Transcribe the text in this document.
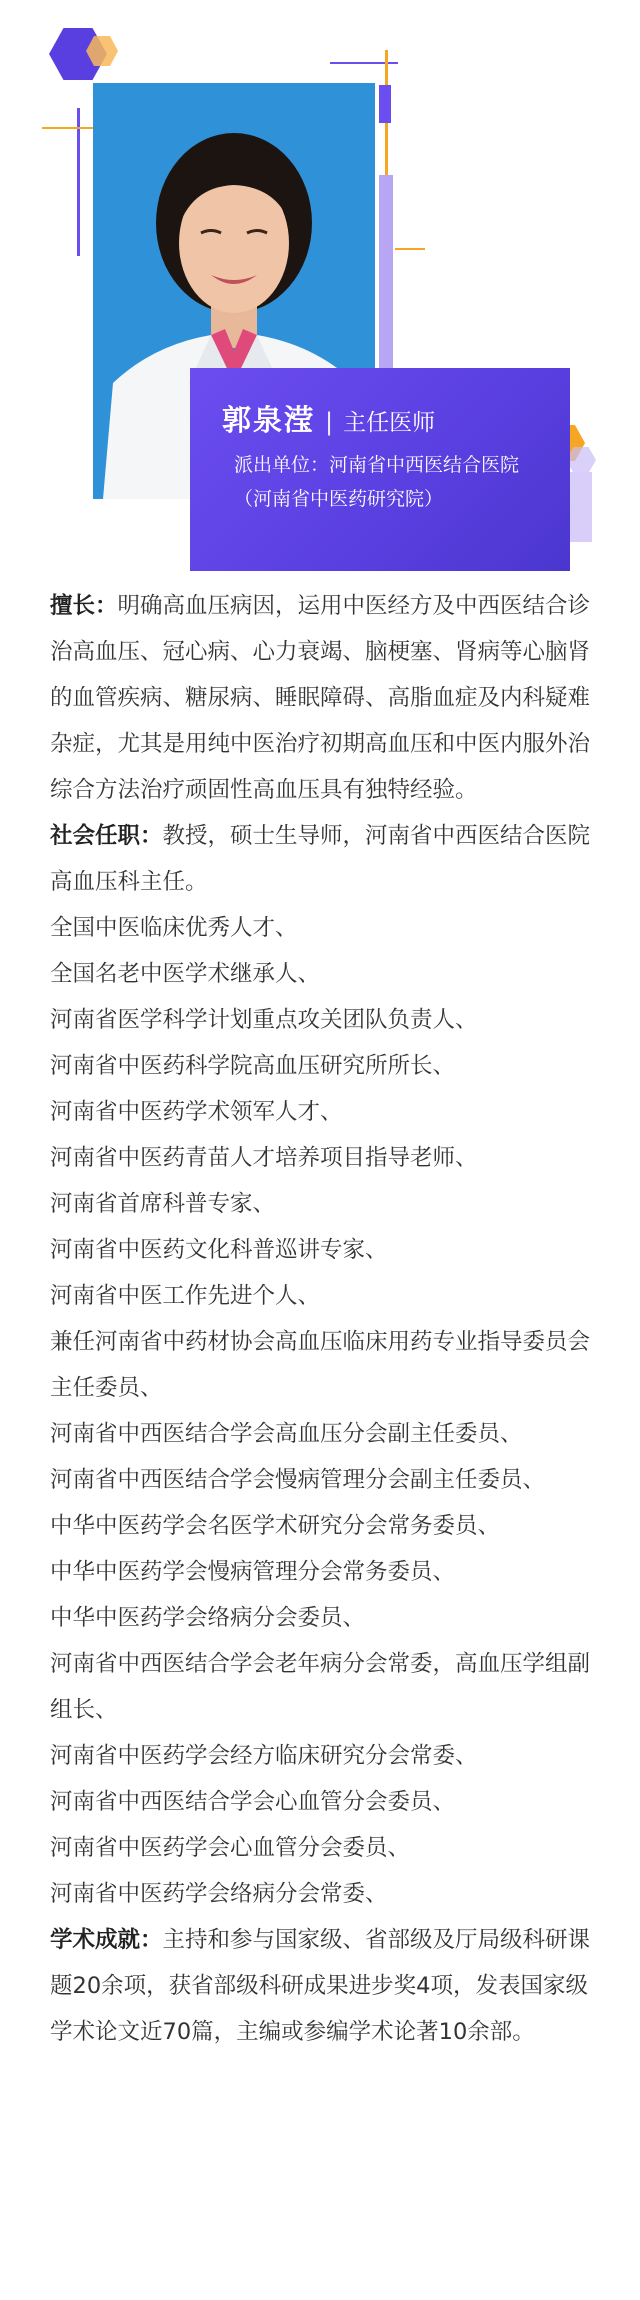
郭泉滢 | 主任医师
派出单位：河南省中西医结合医院（河南省中医药研究院）

擅长：明确高血压病因，运用中医经方及中西医结合诊治高血压、冠心病、心力衰竭、脑梗塞、肾病等心脑肾的血管疾病、糖尿病、睡眠障碍、高脂血症及内科疑难杂症，尤其是用纯中医治疗初期高血压和中医内服外治综合方法治疗顽固性高血压具有独特经验。

社会任职：教授，硕士生导师，河南省中西医结合医院高血压科主任。

全国中医临床优秀人才、

全国名老中医学术继承人、

河南省医学科学计划重点攻关团队负责人、

河南省中医药科学院高血压研究所所长、

河南省中医药学术领军人才、

河南省中医药青苗人才培养项目指导老师、

河南省首席科普专家、

河南省中医药文化科普巡讲专家、

河南省中医工作先进个人、

兼任河南省中药材协会高血压临床用药专业指导委员会主任委员、

河南省中西医结合学会高血压分会副主任委员、

河南省中西医结合学会慢病管理分会副主任委员、

中华中医药学会名医学术研究分会常务委员、

中华中医药学会慢病管理分会常务委员、

中华中医药学会络病分会委员、

河南省中西医结合学会老年病分会常委，高血压学组副组长、

河南省中医药学会经方临床研究分会常委、

河南省中西医结合学会心血管分会委员、

河南省中医药学会心血管分会委员、

河南省中医药学会络病分会常委、

学术成就：主持和参与国家级、省部级及厅局级科研课题20余项，获省部级科研成果进步奖4项，发表国家级学术论文近70篇，主编或参编学术论著10余部。
